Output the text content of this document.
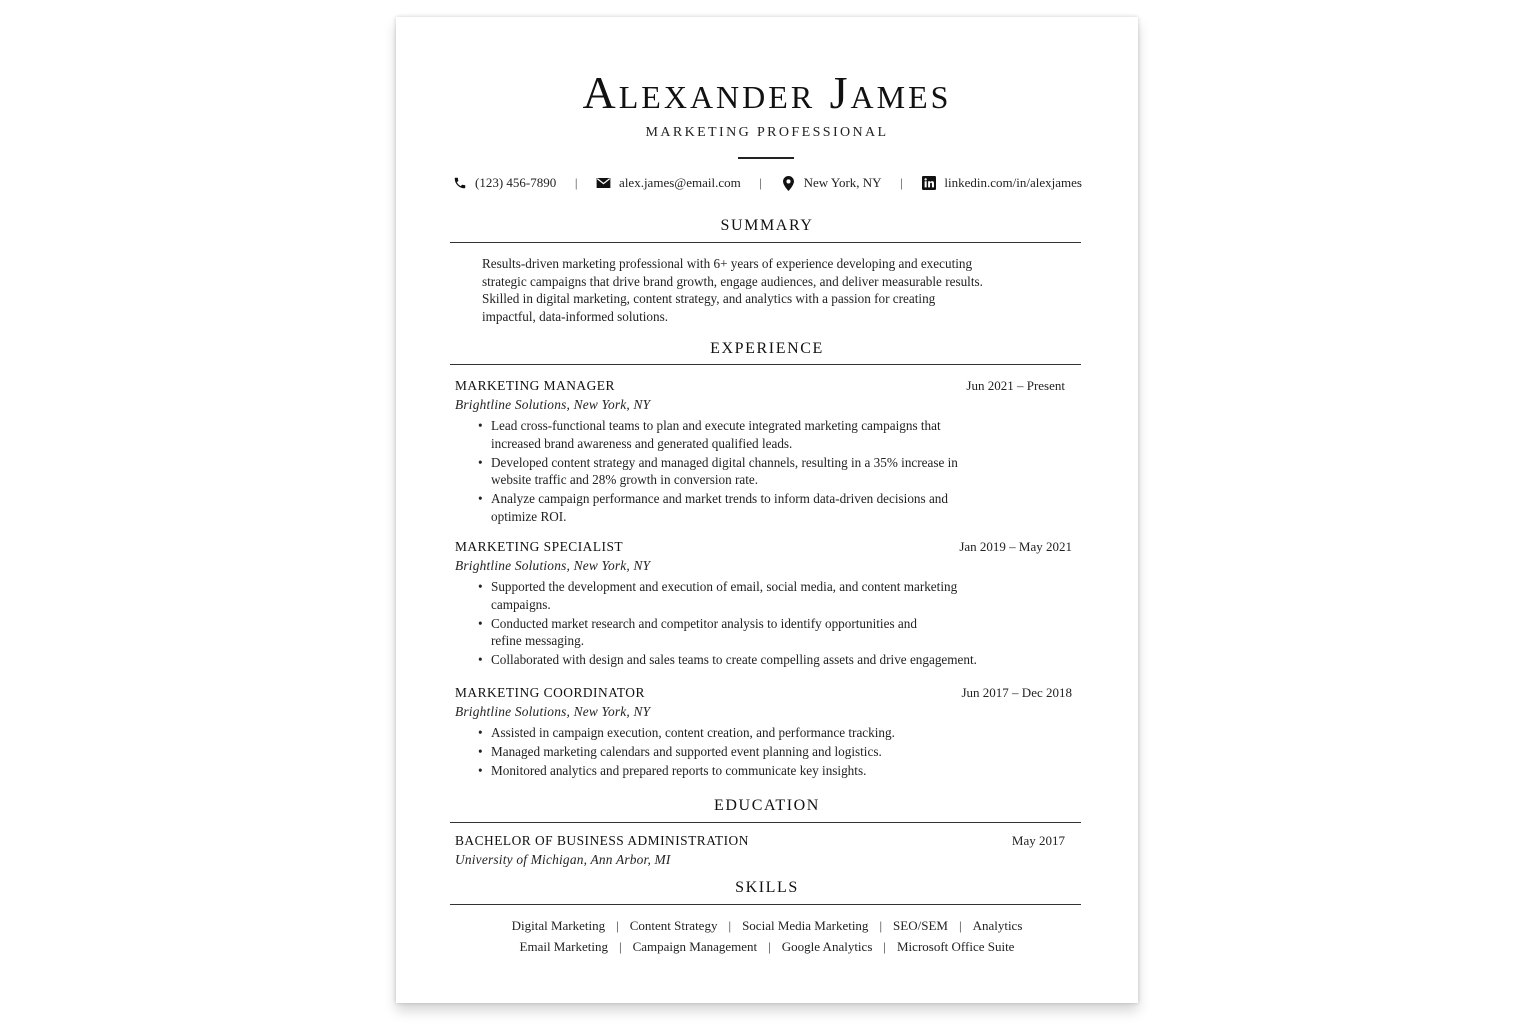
Alexander James
MARKETING PROFESSIONAL
(123) 456-7890 |	alex.james@email.com |	New York, NY |	linkedin.com/in/alexjames
SUMMARY
Results-driven marketing professional with 6+ years of experience developing and executing
strategic campaigns that drive brand growth, engage audiences, and deliver measurable results.
Skilled in digital marketing, content strategy, and analytics with a passion for creating
impactful, data-informed solutions.
EXPERIENCE
MARKETING MANAGER	Jun 2021 – Present
Brightline Solutions, New York, NY
• Lead cross-functional teams to plan and execute integrated marketing campaigns that
increased brand awareness and generated qualified leads.
• Developed content strategy and managed digital channels, resulting in a 35% increase in
website traffic and 28% growth in conversion rate.
• Analyze campaign performance and market trends to inform data-driven decisions and
optimize ROI.
MARKETING SPECIALIST	Jan 2019 – May 2021
Brightline Solutions, New York, NY
• Supported the development and execution of email, social media, and content marketing
campaigns.
• Conducted market research and competitor analysis to identify opportunities and
refine messaging.
• Collaborated with design and sales teams to create compelling assets and drive engagement.
MARKETING COORDINATOR	Jun 2017 – Dec 2018
Brightline Solutions, New York, NY
• Assisted in campaign execution, content creation, and performance tracking.
• Managed marketing calendars and supported event planning and logistics.
• Monitored analytics and prepared reports to communicate key insights.
EDUCATION
BACHELOR OF BUSINESS ADMINISTRATION	May 2017
University of Michigan, Ann Arbor, MI
SKILLS
Digital Marketing | Content Strategy | Social Media Marketing | SEO/SEM | Analytics
Email Marketing | Campaign Management | Google Analytics | Microsoft Office Suite
